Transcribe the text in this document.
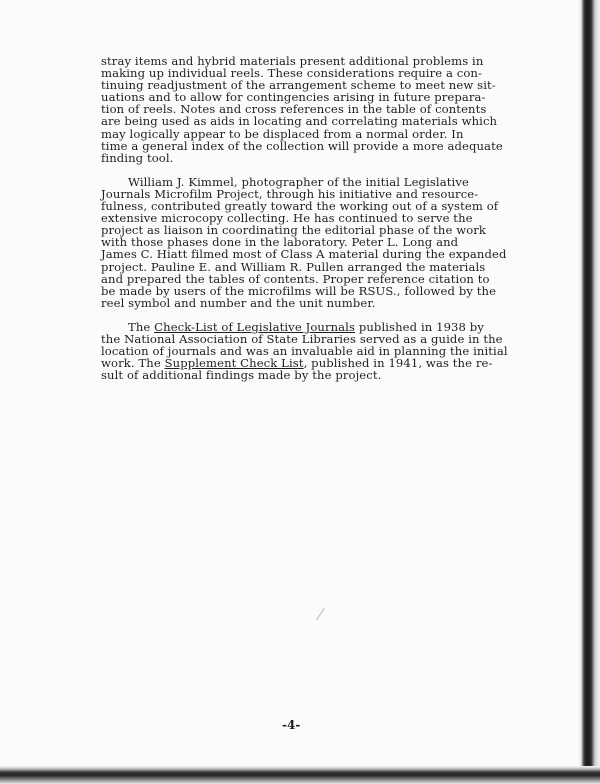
stray items and hybrid materials present additional problems in
making up individual reels. These considerations require a con-
tinuing readjustment of the arrangement scheme to meet new sit-
uations and to allow for contingencies arising in future prepara-
tion of reels. Notes and cross references in the table of contents
are being used as aids in locating and correlating materials which
may logically appear to be displaced from a normal order. In
time a general index of the collection will provide a more adequate
finding tool.

William J. Kimmel, photographer of the initial Legislative
Journals Microfilm Project, through his initiative and resource-
fulness, contributed greatly toward the working out of a system of
extensive microcopy collecting. He has continued to serve the
project as liaison in coordinating the editorial phase of the work
with those phases done in the laboratory. Peter L. Long and
James C. Hiatt filmed most of Class A material during the expanded
project. Pauline E. and William R. Pullen arranged the materials
and prepared the tables of contents. Proper reference citation to
be made by users of the microfilms will be RSUS., followed by the
reel symbol and number and the unit number.

The Check-List of Legislative Journals published in 1938 by
the National Association of State Libraries served as a guide in the
location of journals and was an invaluable aid in planning the initial
work. The Supplement Check List, published in 1941, was the re-
sult of additional findings made by the project.

-4-
